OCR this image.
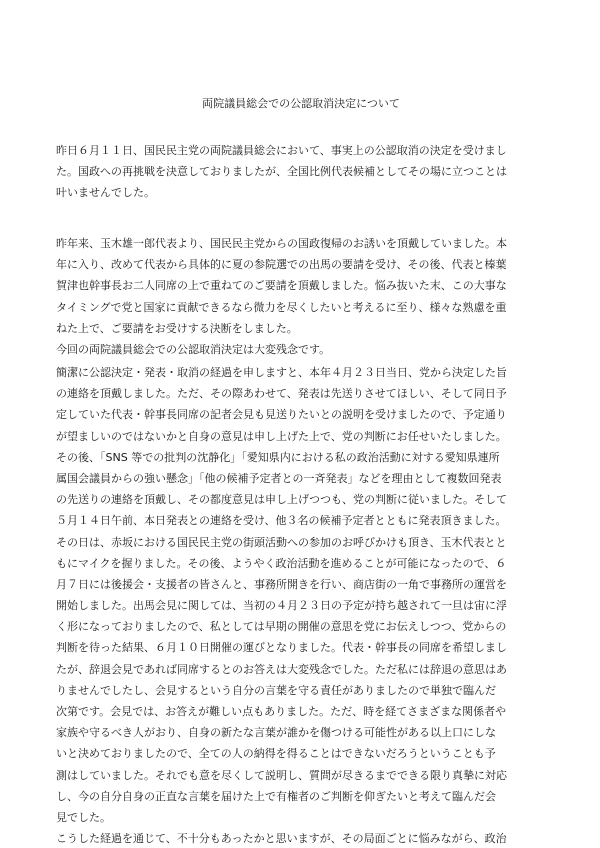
両院議員総会での公認取消決定について

昨日６月１１日、国民民主党の両院議員総会において、事実上の公認取消の決定を受けまし
た。国政への再挑戦を決意しておりましたが、全国比例代表候補としてその場に立つことは
叶いませんでした。

昨年来、玉木雄一郎代表より、国民民主党からの国政復帰のお誘いを頂戴していました。本
年に入り、改めて代表から具体的に夏の参院選での出馬の要請を受け、その後、代表と榛葉
賀津也幹事長お二人同席の上で重ねてのご要請を頂戴しました。悩み抜いた末、この大事な
タイミングで党と国家に貢献できるなら微力を尽くしたいと考えるに至り、様々な熟慮を重
ねた上で、ご要請をお受けする決断をしました。
今回の両院議員総会での公認取消決定は大変残念です。

簡潔に公認決定・発表・取消の経過を申しますと、本年４月２３日当日、党から決定した旨
の連絡を頂戴しました。ただ、その際あわせて、発表は先送りさせてほしい、そして同日予
定していた代表・幹事長同席の記者会見も見送りたいとの説明を受けましたので、予定通り
が望ましいのではないかと自身の意見は申し上げた上で、党の判断にお任せいたしました。
その後、「SNS 等での批判の沈静化」「愛知県内における私の政治活動に対する愛知県連所
属国会議員からの強い懸念」「他の候補予定者との一斉発表」などを理由として複数回発表
の先送りの連絡を頂戴し、その都度意見は申し上げつつも、党の判断に従いました。そして
５月１４日午前、本日発表との連絡を受け、他３名の候補予定者とともに発表頂きました。
その日は、赤坂における国民民主党の街頭活動への参加のお呼びかけも頂き、玉木代表とと
もにマイクを握りました。その後、ようやく政治活動を進めることが可能になったので、６
月７日には後援会・支援者の皆さんと、事務所開きを行い、商店街の一角で事務所の運営を
開始しました。出馬会見に関しては、当初の４月２３日の予定が持ち越されて一旦は宙に浮
く形になっておりましたので、私としては早期の開催の意思を党にお伝えしつつ、党からの
判断を待った結果、６月１０日開催の運びとなりました。代表・幹事長の同席を希望しまし
たが、辞退会見であれば同席するとのお答えは大変残念でした。ただ私には辞退の意思はあ
りませんでしたし、会見するという自分の言葉を守る責任がありましたので単独で臨んだ
次第です。会見では、お答えが難しい点もありました。ただ、時を経てさまざまな関係者や
家族や守るべき人がおり、自身の新たな言葉が誰かを傷つける可能性がある以上口にしな
いと決めておりましたので、全ての人の納得を得ることはできないだろうということも予
測はしていました。それでも意を尽くして説明し、質問が尽きるまでできる限り真摯に対応
し、今の自分自身の正直な言葉を届けた上で有権者のご判断を仰ぎたいと考えて臨んだ会
見でした。
こうした経過を通じて、不十分もあったかと思いますが、その局面ごとに悩みながら、政治
